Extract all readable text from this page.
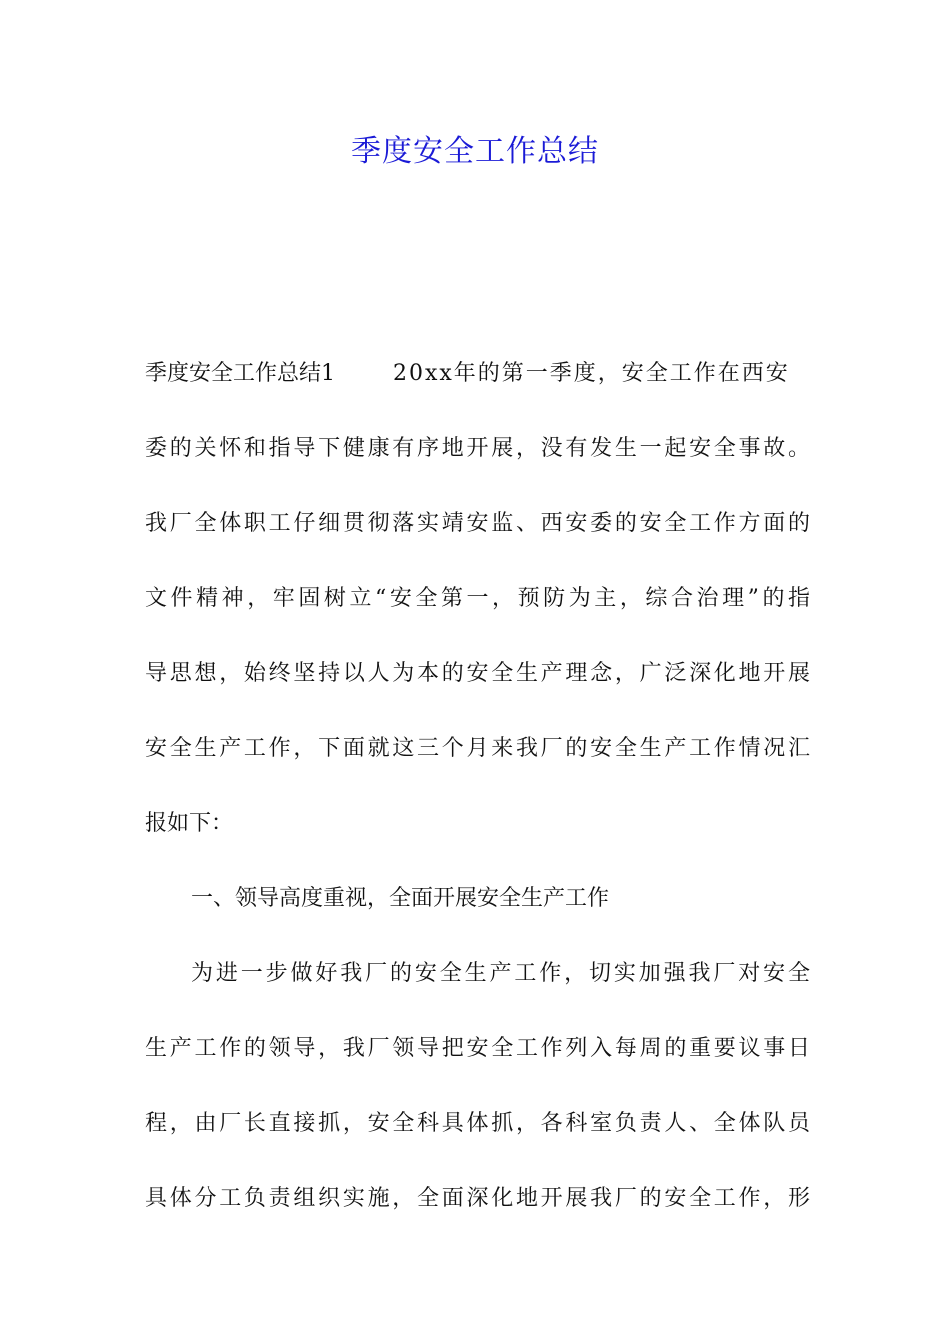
季度安全工作总结
季度安全工作总结1	20xx年的第一季度，安全工作在西安
委的关怀和指导下健康有序地开展，没有发生一起安全事故。
我厂全体职工仔细贯彻落实靖安监、西安委的安全工作方面的
文件精神，牢固树立“安全第一，预防为主，综合治理”的指
导思想，始终坚持以人为本的安全生产理念，广泛深化地开展
安全生产工作，下面就这三个月来我厂的安全生产工作情况汇
报如下：
一、领导高度重视，全面开展安全生产工作
为进一步做好我厂的安全生产工作，切实加强我厂对安全
生产工作的领导，我厂领导把安全工作列入每周的重要议事日
程，由厂长直接抓，安全科具体抓，各科室负责人、全体队员
具体分工负责组织实施，全面深化地开展我厂的安全工作，形
